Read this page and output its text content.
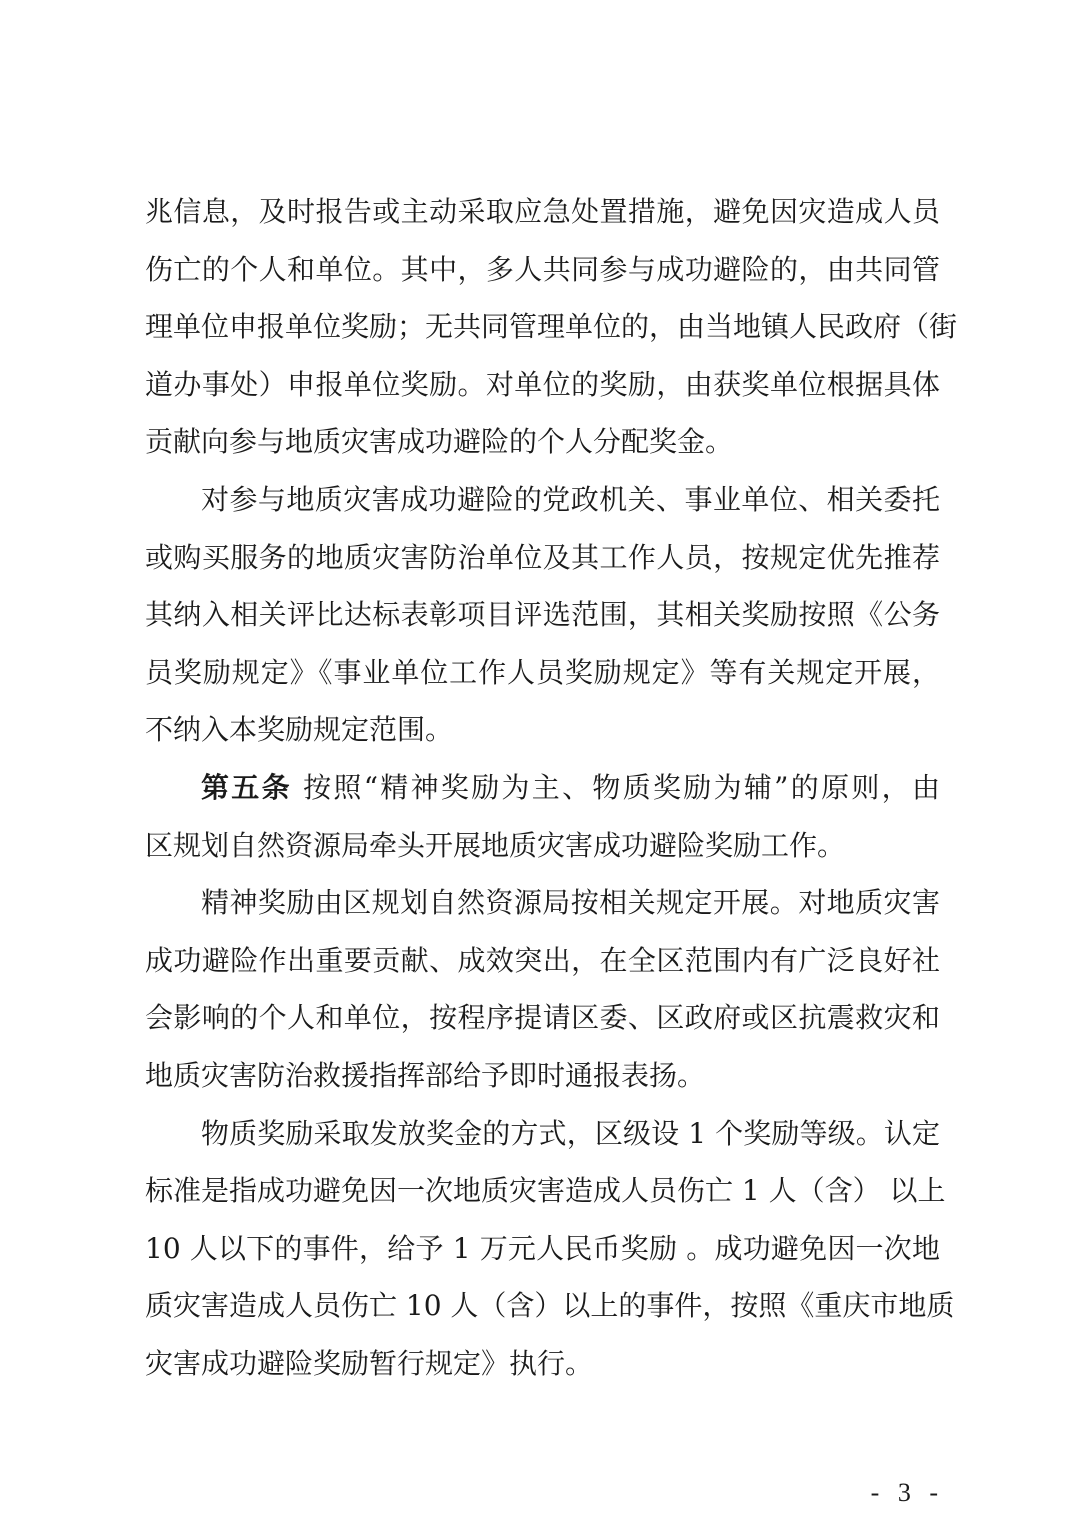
兆信息，及时报告或主动采取应急处置措施，避免因灾造成人员
伤亡的个人和单位。其中，多人共同参与成功避险的，由共同管
理单位申报单位奖励；无共同管理单位的，由当地镇人民政府（街
道办事处）申报单位奖励。对单位的奖励，由获奖单位根据具体
贡献向参与地质灾害成功避险的个人分配奖金。
对参与地质灾害成功避险的党政机关、事业单位、相关委托
或购买服务的地质灾害防治单位及其工作人员，按规定优先推荐
其纳入相关评比达标表彰项目评选范围，其相关奖励按照《公务
员奖励规定》《事业单位工作人员奖励规定》等有关规定开展，
不纳入本奖励规定范围。
第五条 按照“精神奖励为主、物质奖励为辅”的原则，由
区规划自然资源局牵头开展地质灾害成功避险奖励工作。
精神奖励由区规划自然资源局按相关规定开展。对地质灾害
成功避险作出重要贡献、成效突出，在全区范围内有广泛良好社
会影响的个人和单位，按程序提请区委、区政府或区抗震救灾和
地质灾害防治救援指挥部给予即时通报表扬。
物质奖励采取发放奖金的方式，区级设 1 个奖励等级。认定
标准是指成功避免因一次地质灾害造成人员伤亡 1 人（含） 以上
10 人以下的事件，给予 1 万元人民币奖励 。成功避免因一次地
质灾害造成人员伤亡 10 人（含）以上的事件，按照《重庆市地质
灾害成功避险奖励暂行规定》执行。
- 3 -
